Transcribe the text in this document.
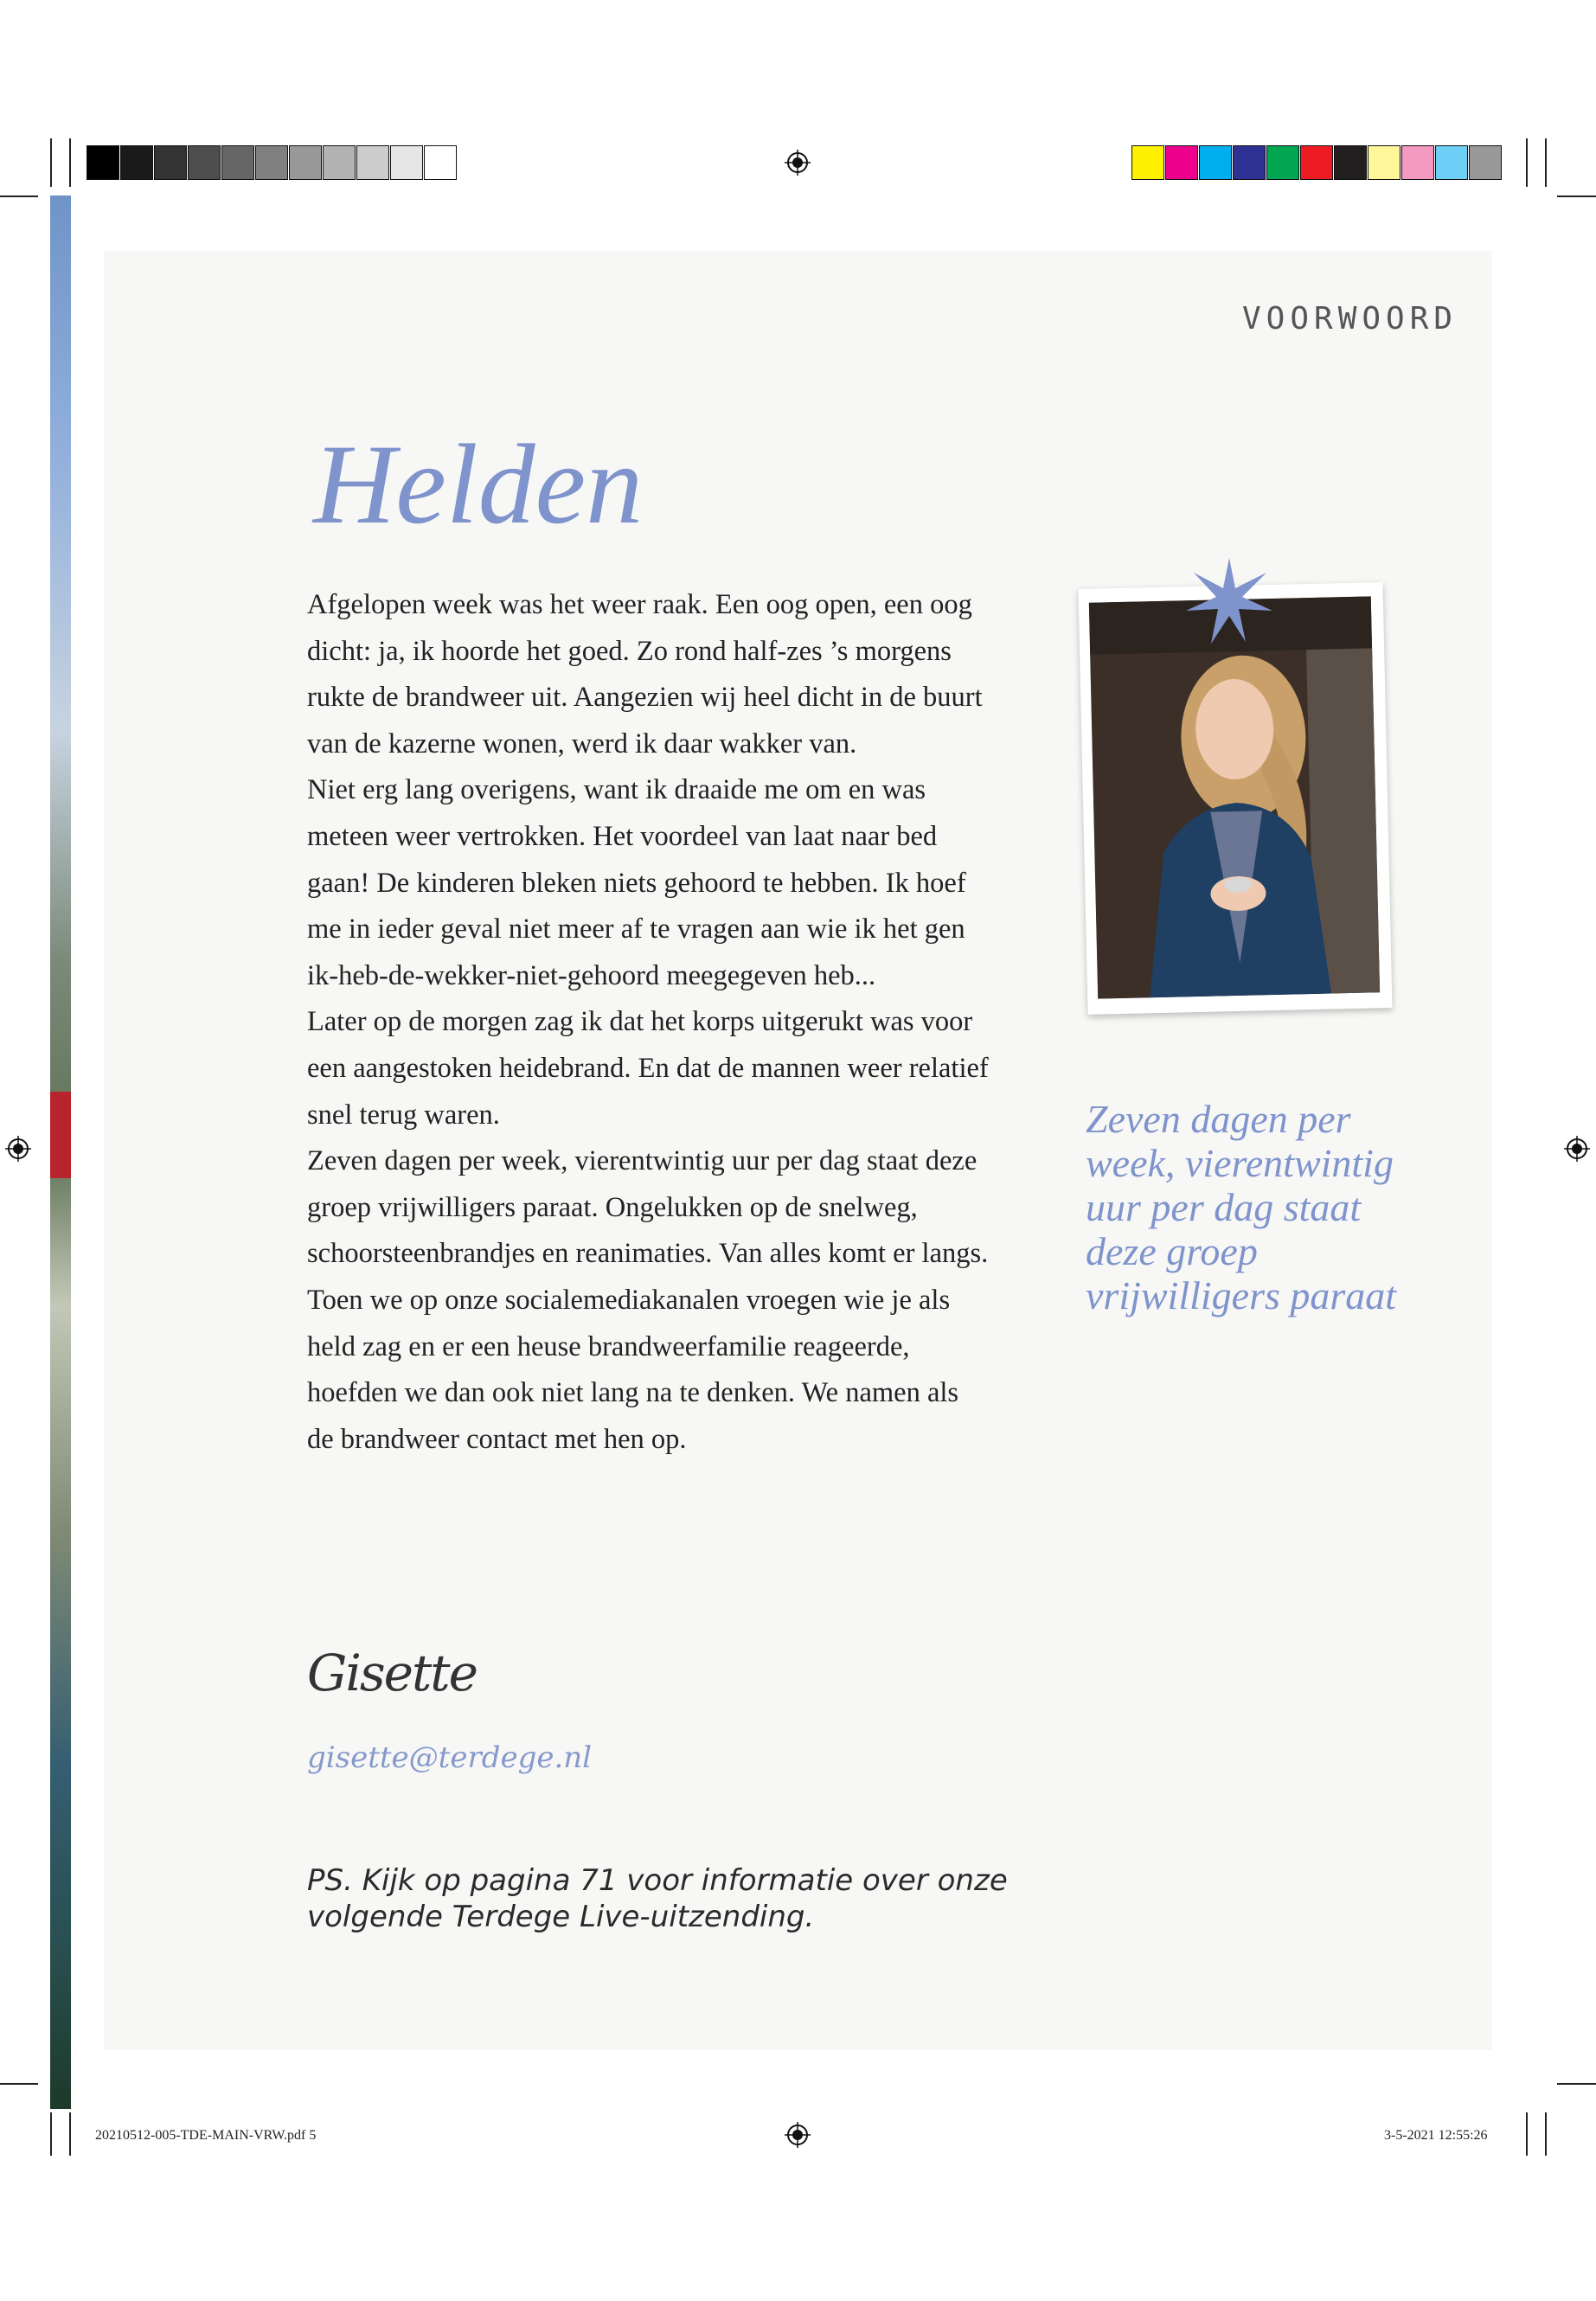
VOORWOORD
Helden

Afgelopen week was het weer raak. Een oog open, een oog dicht: ja, ik hoorde het goed. Zo rond half-zes ’s morgens rukte de brandweer uit. Aangezien wij heel dicht in de buurt van de kazerne wonen, werd ik daar wakker van.

Niet erg lang overigens, want ik draaide me om en was meteen weer vertrokken. Het voordeel van laat naar bed gaan! De kinderen bleken niets gehoord te hebben. Ik hoef me in ieder geval niet meer af te vragen aan wie ik het gen ik-heb-de-wekker-niet-gehoord meegegeven heb...

Later op de morgen zag ik dat het korps uitgerukt was voor een aangestoken heidebrand. En dat de mannen weer relatief snel terug waren.

Zeven dagen per week, vierentwintig uur per dag staat deze groep vrijwilligers paraat. Ongelukken op de snelweg, schoorsteenbrandjes en reanimaties. Van alles komt er langs.

Toen we op onze socialemediakanalen vroegen wie je als held zag en er een heuse brandweerfamilie reageerde, hoefden we dan ook niet lang na te denken. We namen als de brandweer contact met hen op.

Zeven dagen per week, vierentwintig uur per dag staat deze groep vrijwilligers paraat
Gisette
gisette@terdege.nl
PS. Kijk op pagina 71 voor informatie over onze volgende Terdege Live-uitzending.
20210512-005-TDE-MAIN-VRW.pdf 5	3-5-2021 12:55:26
